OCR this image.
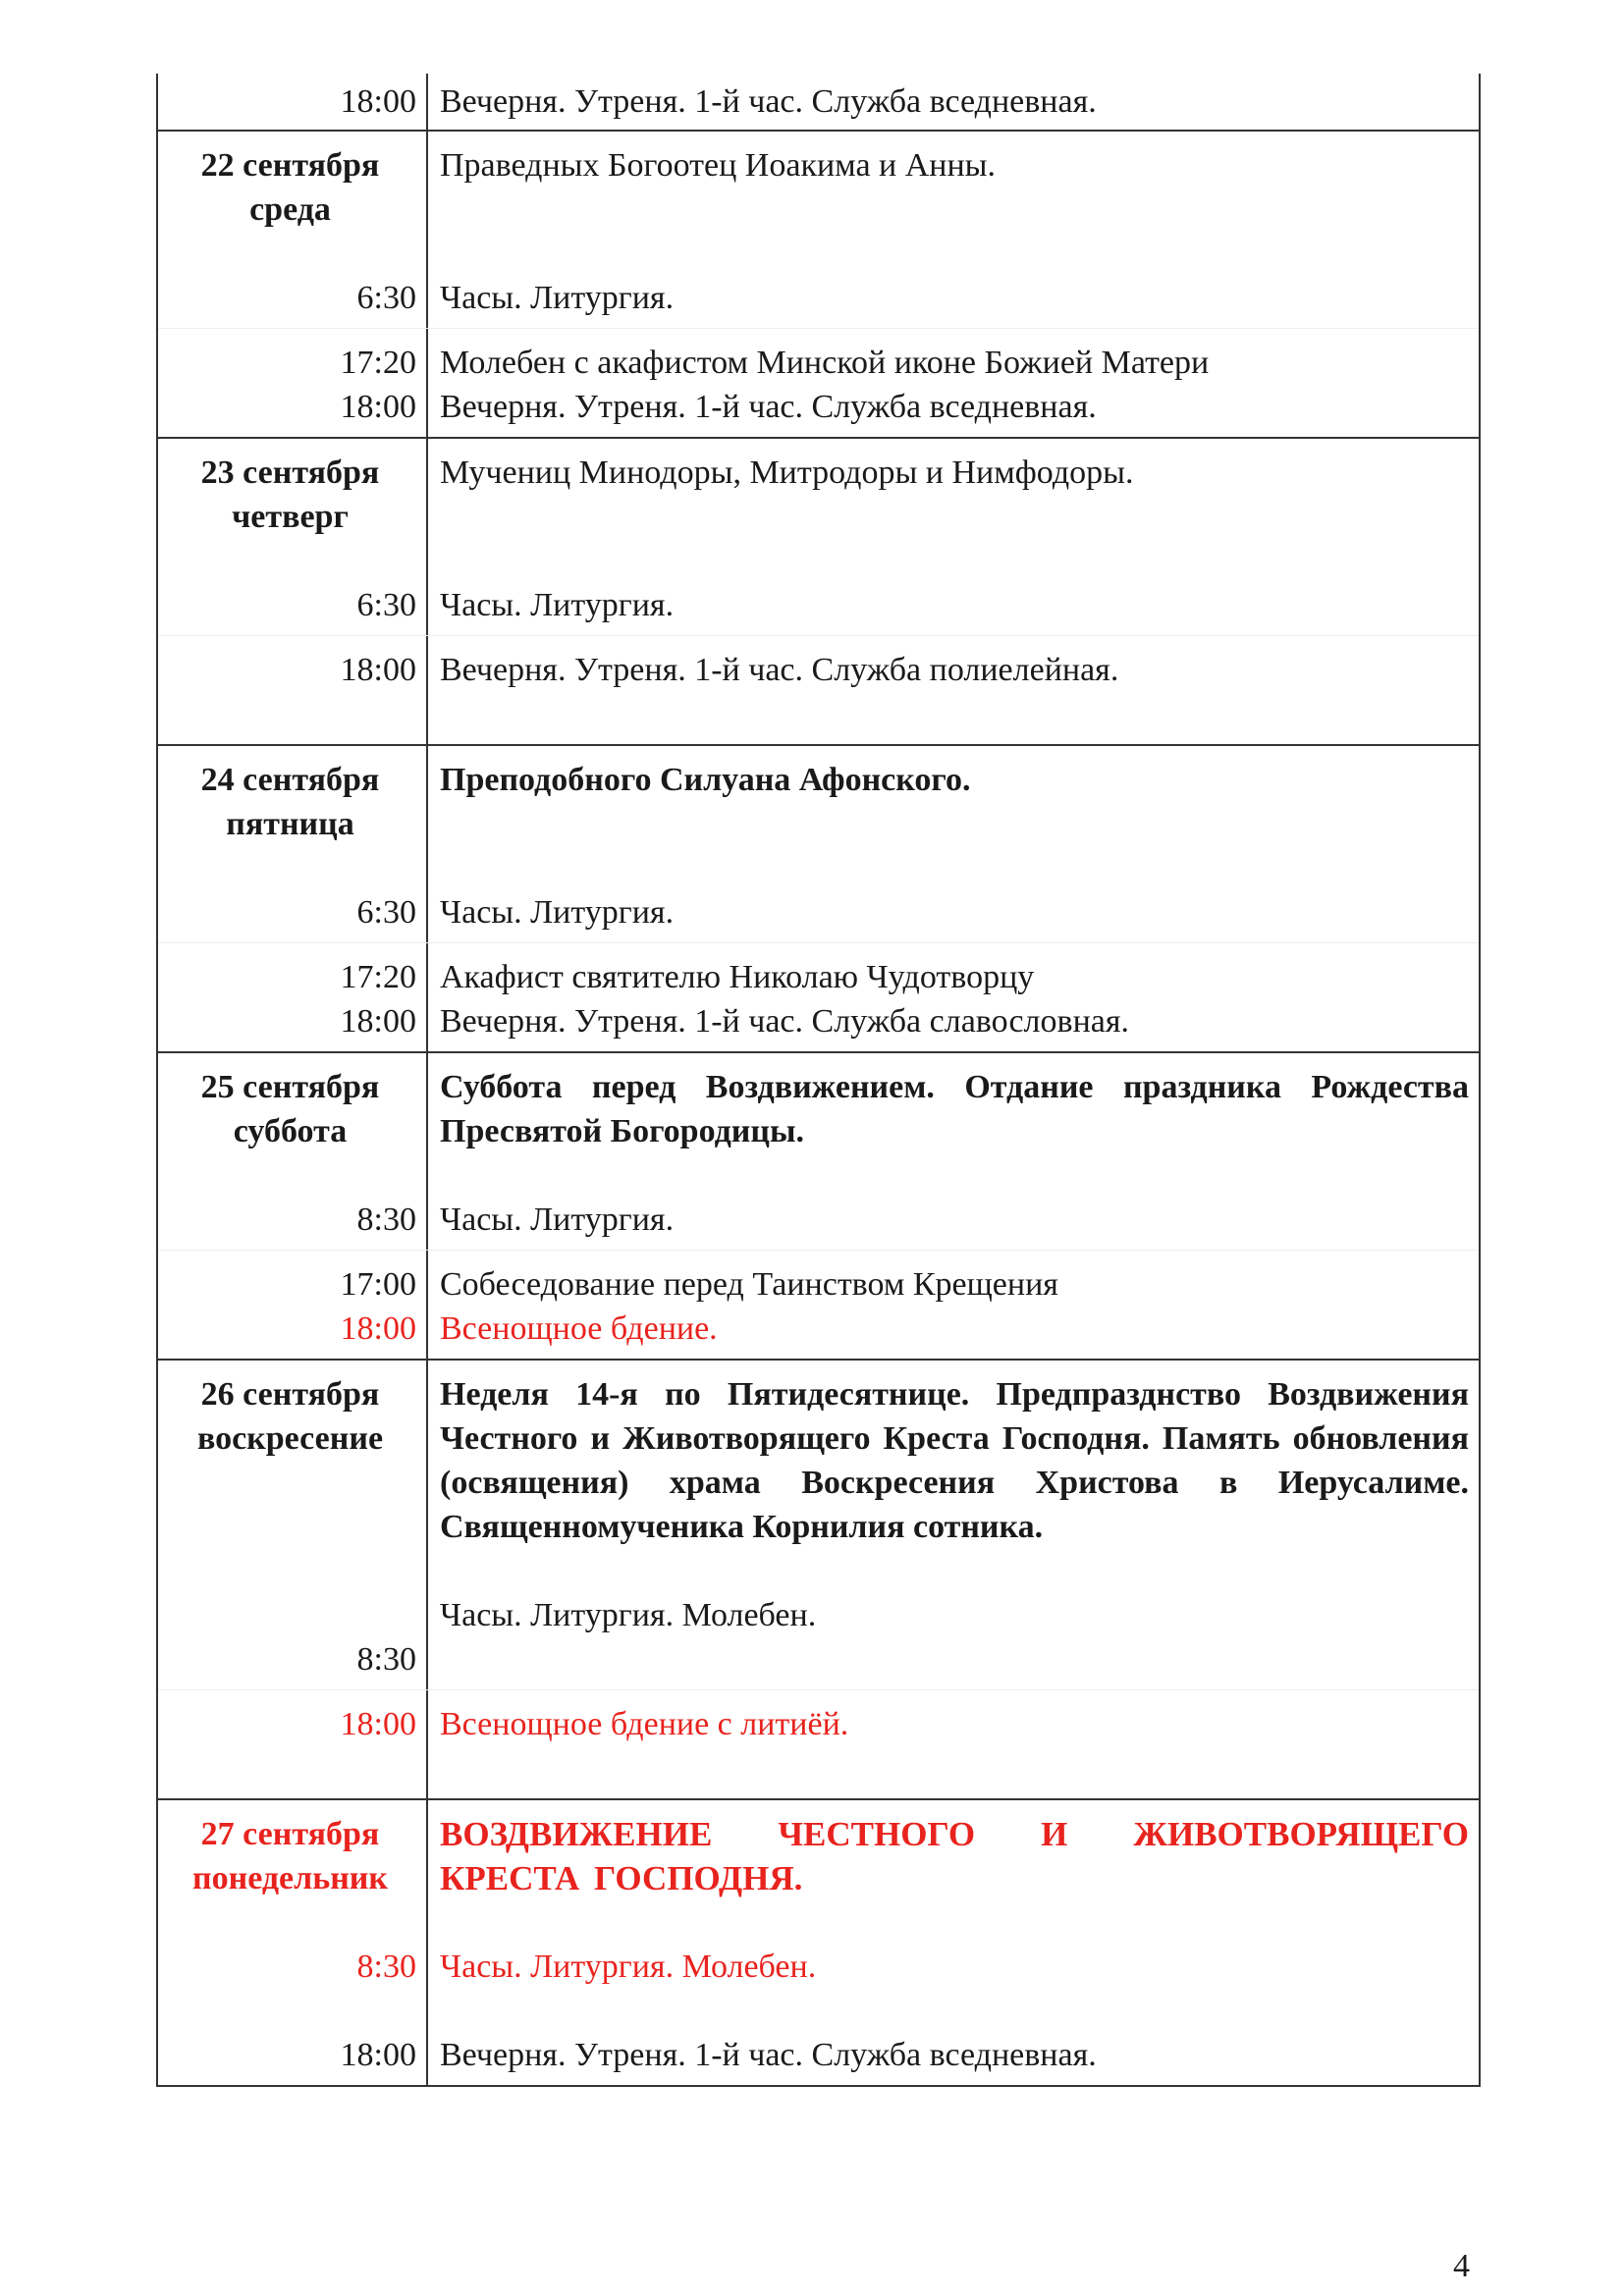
18:00 Вечерня. Утреня. 1-й час. Служба вседневная.
22 сентября
среда
6:30
Праведных Богоотец Иоакима и Анны.
Часы. Литургия.
17:20
18:00
Молебен с акафистом Минской иконе Божией Матери
Вечерня. Утреня. 1-й час. Служба вседневная.
23 сентября
четверг
6:30
Мучениц Минодоры, Митродоры и Нимфодоры.
Часы. Литургия.
18:00 Вечерня. Утреня. 1-й час. Служба полиелейная.
24 сентября
пятница
6:30
Преподобного Силуана Афонского.
Часы. Литургия.
17:20
18:00
Акафист святителю Николаю Чудотворцу
Вечерня. Утреня. 1-й час. Служба славословная.
25 сентября
суббота
8:30
Суббота перед Воздвижением. Отдание праздника Рождества Пресвятой Богородицы.
Часы. Литургия.
17:00
18:00
Собеседование перед Таинством Крещения
Всенощное бдение.
26 сентября
воскресение
8:30
Неделя 14-я по Пятидесятнице. Предпразднство Воздвижения Честного и Животворящего Креста Господня. Память обновления (освящения) храма Воскресения Христова в Иерусалиме. Священномученика Корнилия сотника.
Часы. Литургия. Молебен.
18:00 Всенощное бдение с литиёй.
27 сентября
понедельник
8:30
18:00
ВОЗДВИЖЕНИЕ ЧЕСТНОГО И ЖИВОТВОРЯЩЕГО КРЕСТА ГОСПОДНЯ.
Часы. Литургия. Молебен.
Вечерня. Утреня. 1-й час. Служба вседневная.
4
